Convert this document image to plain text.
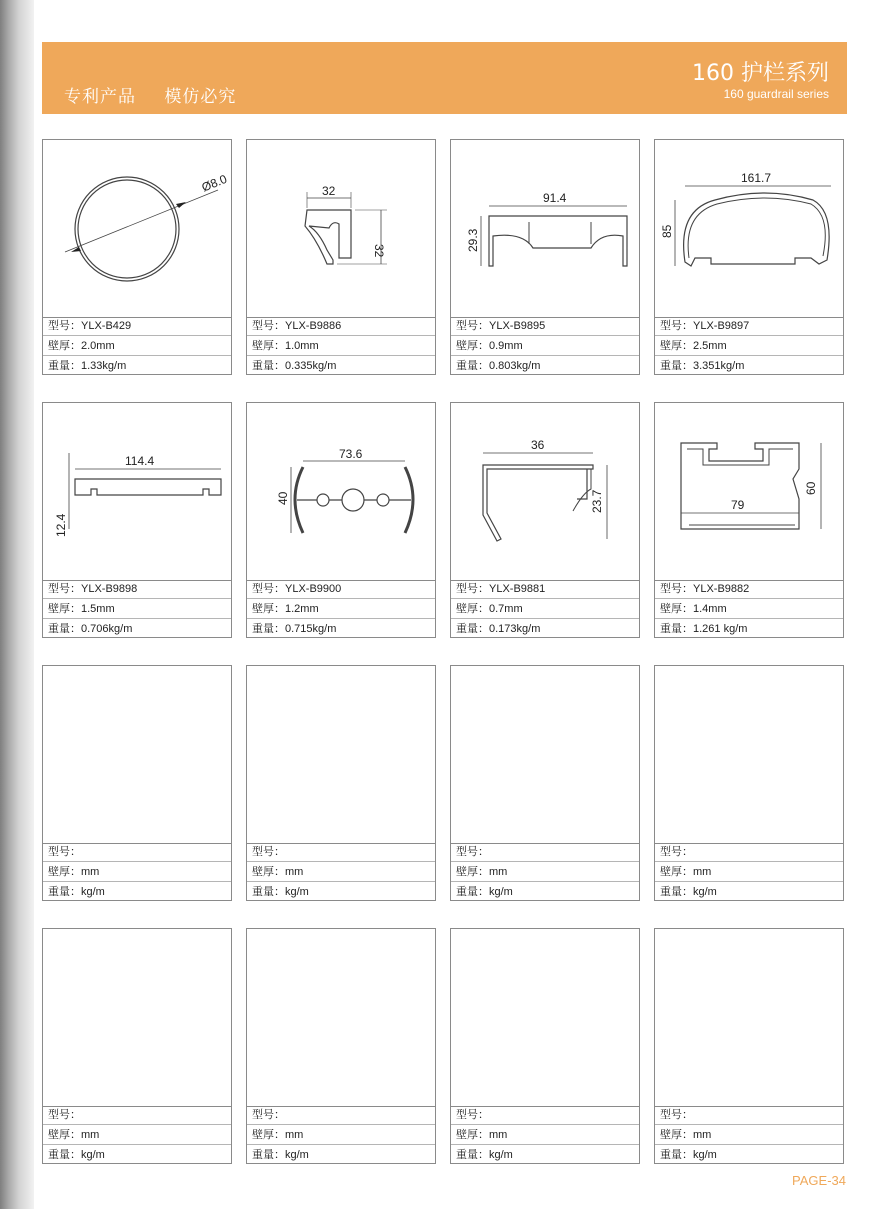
专利产品 模仿必究
160 护栏系列
160 guardrail series
Ø8.0
型号：YLX-B429
壁厚：2.0mm
重量：1.33kg/m
32
32
型号：YLX-B9886
壁厚：1.0mm
重量：0.335kg/m
91.4
29.3
型号：YLX-B9895
壁厚：0.9mm
重量：0.803kg/m
161.7
85
型号：YLX-B9897
壁厚：2.5mm
重量：3.351kg/m
114.4
12.4
型号：YLX-B9898
壁厚：1.5mm
重量：0.706kg/m
73.6
40
型号：YLX-B9900
壁厚：1.2mm
重量：0.715kg/m
36
23.7
型号：YLX-B9881
壁厚：0.7mm
重量：0.173kg/m
79
60
型号：YLX-B9882
壁厚：1.4mm
重量：1.261 kg/m
型号：
壁厚：mm
重量：kg/m
型号：
壁厚：mm
重量：kg/m
型号：
壁厚：mm
重量：kg/m
型号：
壁厚：mm
重量：kg/m
型号：
壁厚：mm
重量：kg/m
型号：
壁厚：mm
重量：kg/m
型号：
壁厚：mm
重量：kg/m
型号：
壁厚：mm
重量：kg/m
PAGE-34
